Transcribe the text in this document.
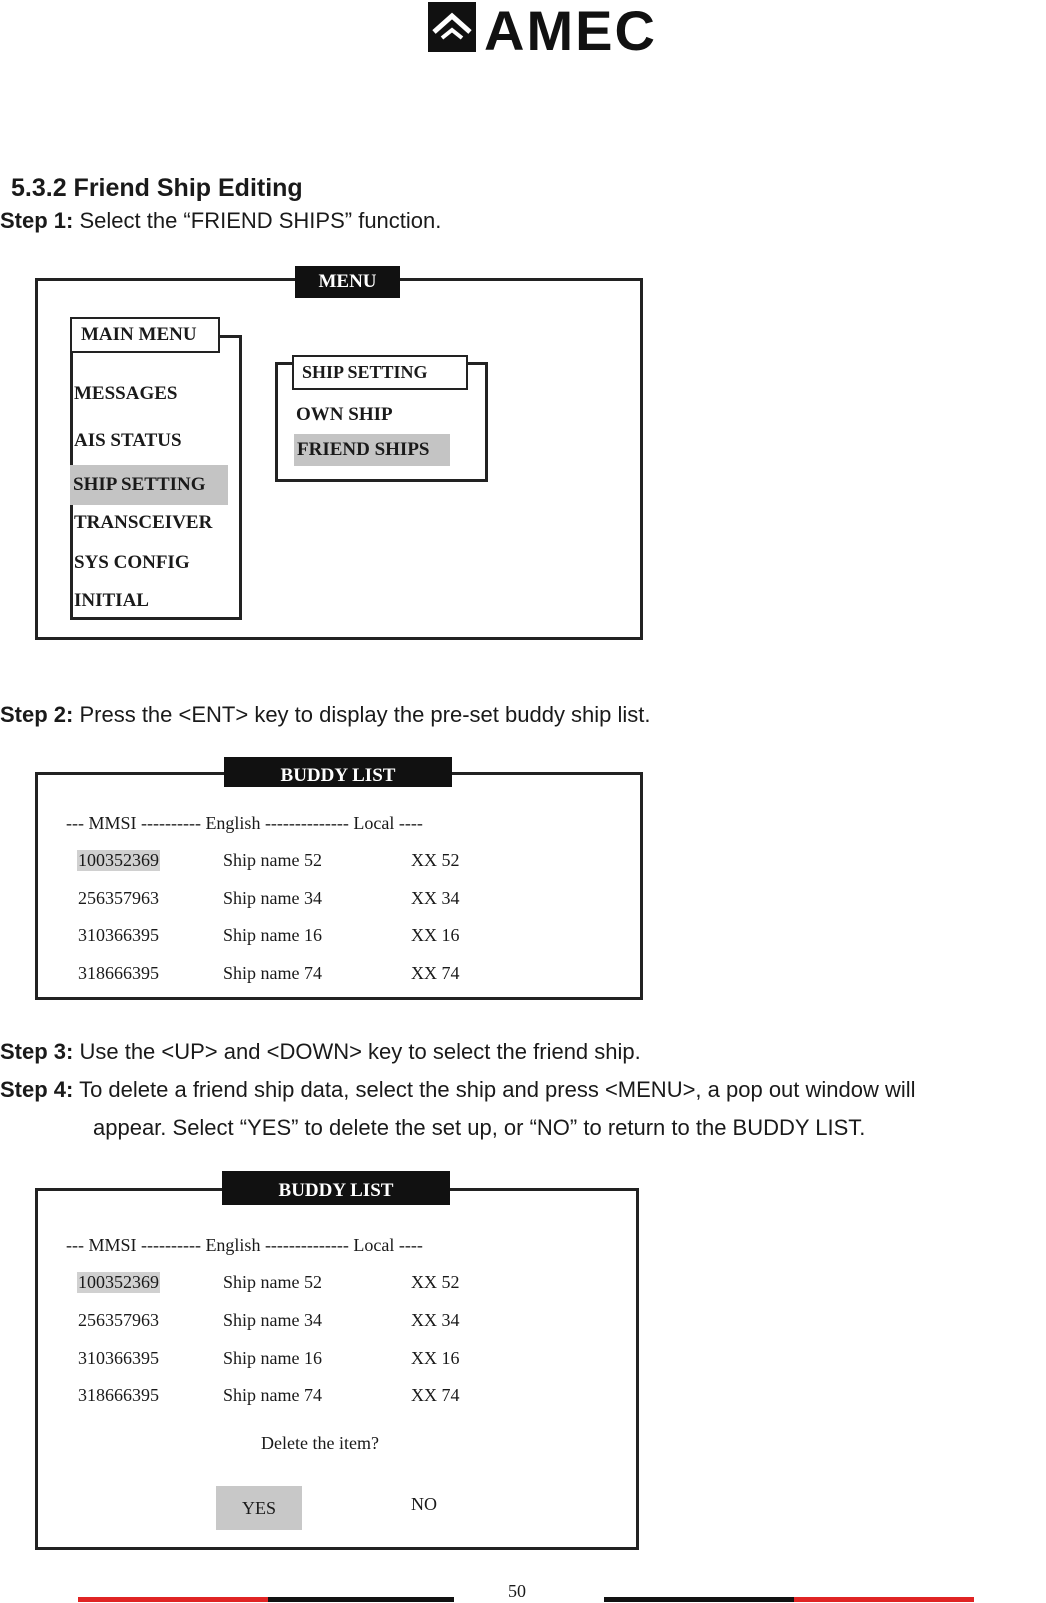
AMEC
5.3.2 Friend Ship Editing
Step 1: Select the “FRIEND SHIPS” function.
MENU
MAIN MENU
MESSAGES
AIS STATUS
SHIP SETTING
TRANSCEIVER
SYS CONFIG
INITIAL
SHIP SETTING
OWN SHIP
FRIEND SHIPS
Step 2: Press the <ENT> key to display the pre-set buddy ship list.
BUDDY LIST
--- MMSI ---------- English -------------- Local ----
100352369	Ship name 52	XX 52
256357963	Ship name 34	XX 34
310366395	Ship name 16	XX 16
318666395	Ship name 74	XX 74
Step 3: Use the <UP> and <DOWN> key to select the friend ship.
Step 4: To delete a friend ship data, select the ship and press <MENU>, a pop out window will
appear. Select “YES” to delete the set up, or “NO” to return to the BUDDY LIST.
BUDDY LIST
--- MMSI ---------- English -------------- Local ----
100352369	Ship name 52	XX 52
256357963	Ship name 34	XX 34
310366395	Ship name 16	XX 16
318666395	Ship name 74	XX 74
Delete the item?
YES	NO
50
